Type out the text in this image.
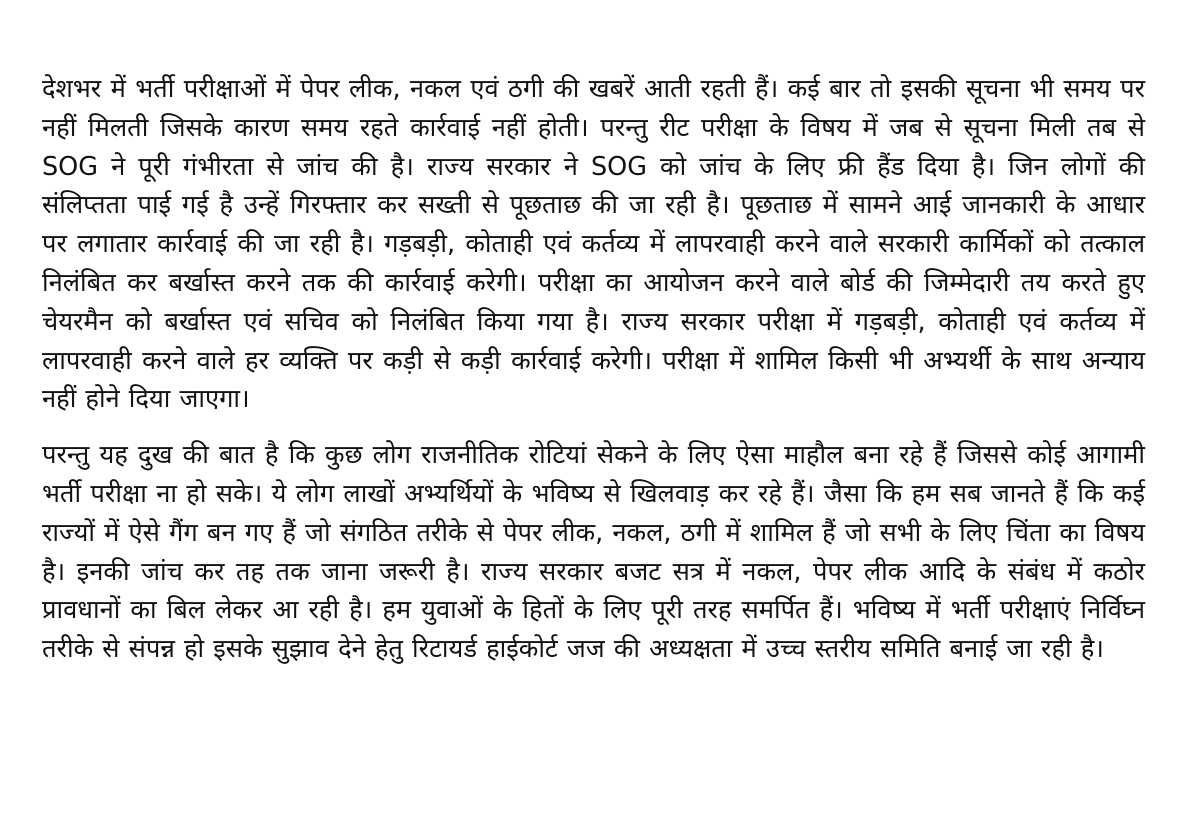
देशभर में भर्ती परीक्षाओं में पेपर लीक, नकल एवं ठगी की खबरें आती रहती हैं। कई बार तो इसकी सूचना भी समय पर नहीं मिलती जिसके कारण समय रहते कार्रवाई नहीं होती। परन्तु रीट परीक्षा के विषय में जब से सूचना मिली तब से SOG ने पूरी गंभीरता से जांच की है। राज्य सरकार ने SOG को जांच के लिए फ्री हैंड दिया है। जिन लोगों की संलिप्तता पाई गई है उन्हें गिरफ्तार कर सख्ती से पूछताछ की जा रही है। पूछताछ में सामने आई जानकारी के आधार पर लगातार कार्रवाई की जा रही है। गड़बड़ी, कोताही एवं कर्तव्य में लापरवाही करने वाले सरकारी कार्मिकों को तत्काल निलंबित कर बर्खास्त करने तक की कार्रवाई करेगी। परीक्षा का आयोजन करने वाले बोर्ड की जिम्मेदारी तय करते हुए चेयरमैन को बर्खास्त एवं सचिव को निलंबित किया गया है। राज्य सरकार परीक्षा में गड़बड़ी, कोताही एवं कर्तव्य में लापरवाही करने वाले हर व्यक्ति पर कड़ी से कड़ी कार्रवाई करेगी। परीक्षा में शामिल किसी भी अभ्यर्थी के साथ अन्याय नहीं होने दिया जाएगा।

परन्तु यह दुख की बात है कि कुछ लोग राजनीतिक रोटियां सेकने के लिए ऐसा माहौल बना रहे हैं जिससे कोई आगामी भर्ती परीक्षा ना हो सके। ये लोग लाखों अभ्यर्थियों के भविष्य से खिलवाड़ कर रहे हैं। जैसा कि हम सब जानते हैं कि कई राज्यों में ऐसे गैंग बन गए हैं जो संगठित तरीके से पेपर लीक, नकल, ठगी में शामिल हैं जो सभी के लिए चिंता का विषय है। इनकी जांच कर तह तक जाना जरूरी है। राज्य सरकार बजट सत्र में नकल, पेपर लीक आदि के संबंध में कठोर प्रावधानों का बिल लेकर आ रही है। हम युवाओं के हितों के लिए पूरी तरह समर्पित हैं। भविष्य में भर्ती परीक्षाएं निर्विघ्न तरीके से संपन्न हो इसके सुझाव देने हेतु रिटायर्ड हाईकोर्ट जज की अध्यक्षता में उच्च स्तरीय समिति बनाई जा रही है।
